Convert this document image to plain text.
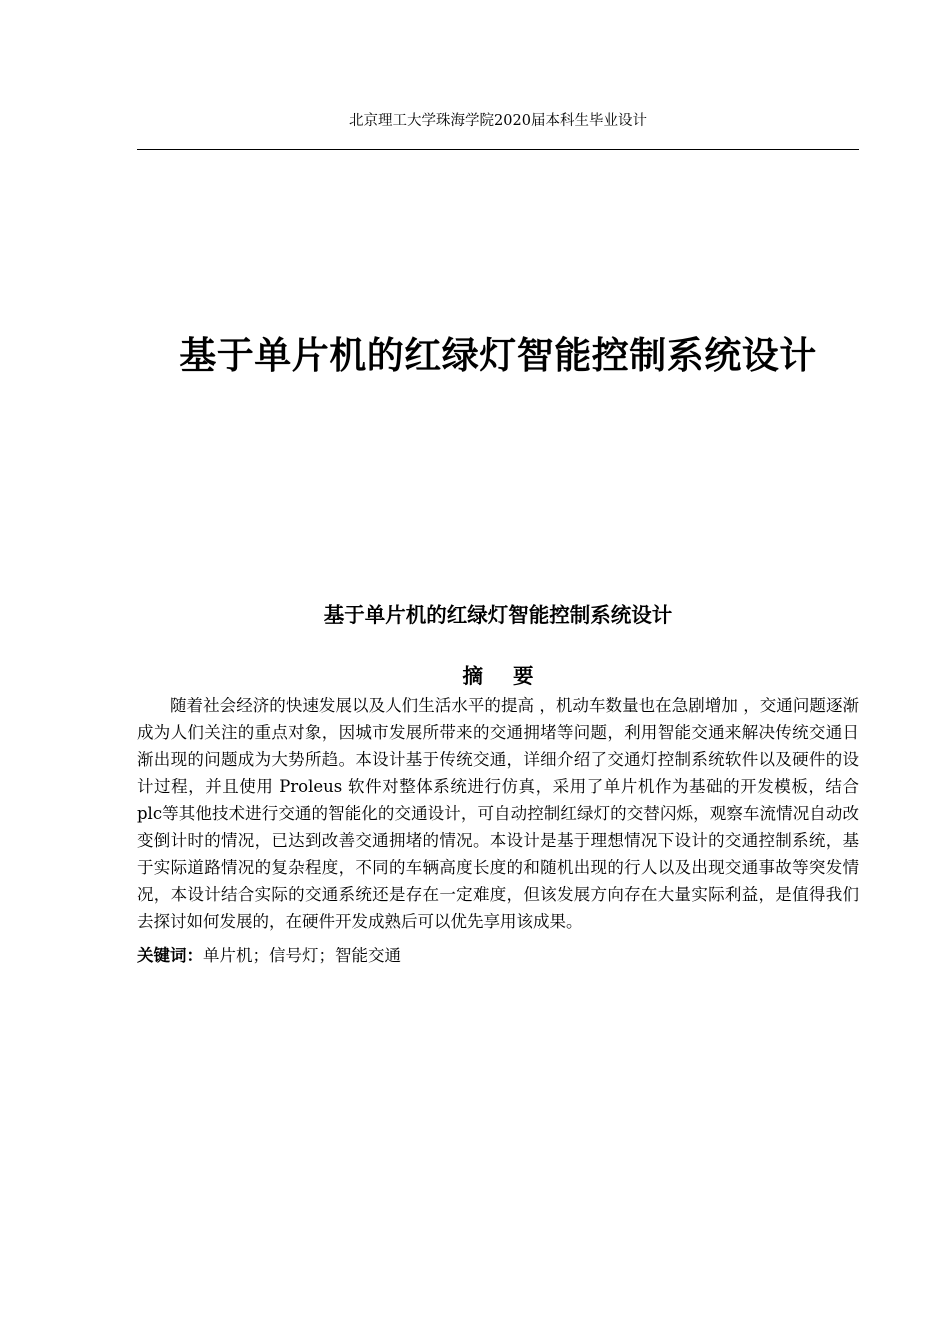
北京理工大学珠海学院2020届本科生毕业设计
基于单片机的红绿灯智能控制系统设计
基于单片机的红绿灯智能控制系统设计
摘要

随着社会经济的快速发展以及人们生活水平的提高 ，机动车数量也在急剧增加 ，交通问题逐渐成为人们关注的重点对象，因城市发展所带来的交通拥堵等问题，利用智能交通来解决传统交通日渐出现的问题成为大势所趋。本设计基于传统交通，详细介绍了交通灯控制系统软件以及硬件的设计过程，并且使用 Proleus 软件对整体系统进行仿真，采用了单片机作为基础的开发模板，结合plc等其他技术进行交通的智能化的交通设计，可自动控制红绿灯的交替闪烁，观察车流情况自动改变倒计时的情况，已达到改善交通拥堵的情况。本设计是基于理想情况下设计的交通控制系统，基于实际道路情况的复杂程度，不同的车辆高度长度的和随机出现的行人以及出现交通事故等突发情况，本设计结合实际的交通系统还是存在一定难度，但该发展方向存在大量实际利益，是值得我们去探讨如何发展的，在硬件开发成熟后可以优先享用该成果。

关键词：单片机；信号灯；智能交通
